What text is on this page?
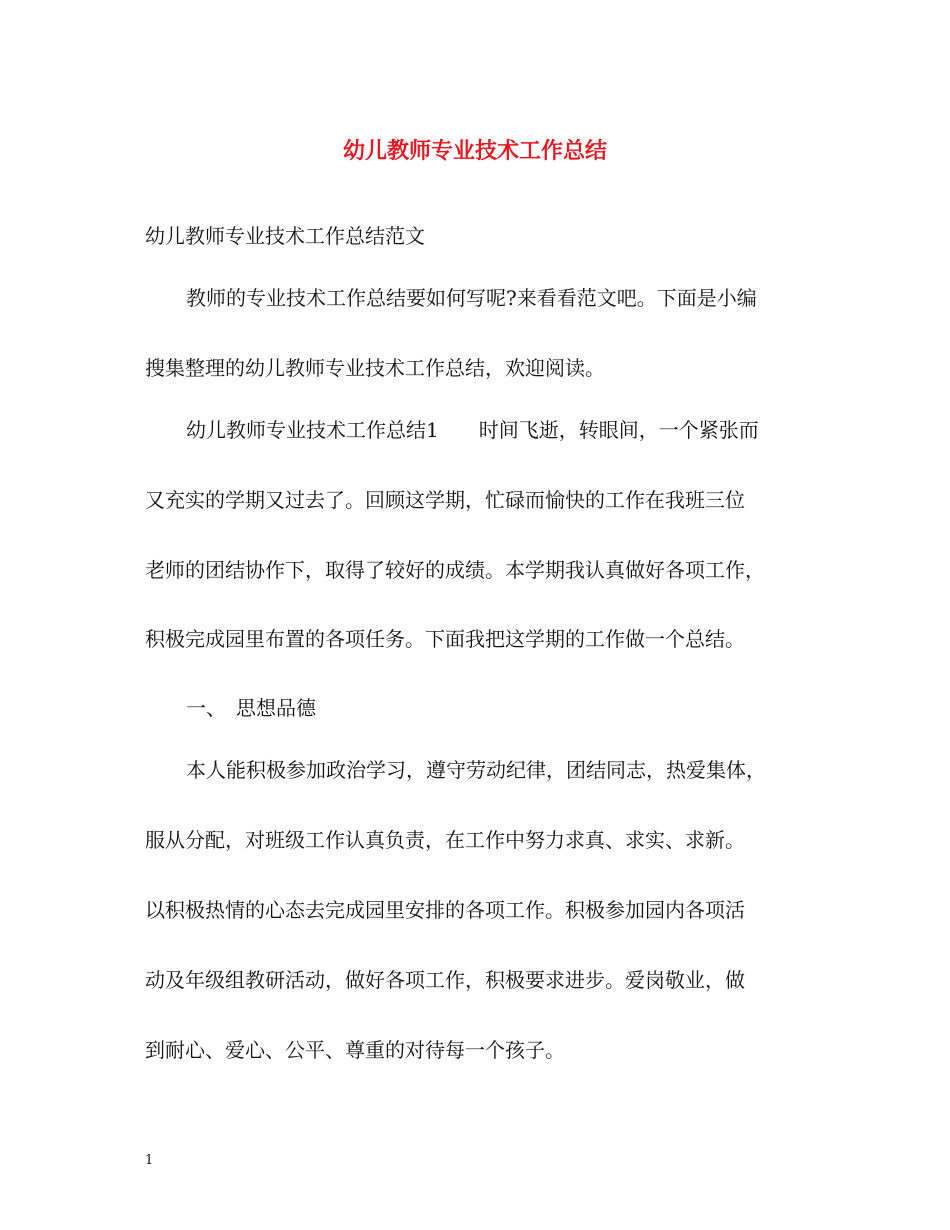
幼儿教师专业技术工作总结
幼儿教师专业技术工作总结范文
教师的专业技术工作总结要如何写呢?来看看范文吧。下面是小编
搜集整理的幼儿教师专业技术工作总结，欢迎阅读。
幼儿教师专业技术工作总结1　　时间飞逝，转眼间，一个紧张而
又充实的学期又过去了。回顾这学期，忙碌而愉快的工作在我班三位
老师的团结协作下，取得了较好的成绩。本学期我认真做好各项工作，
积极完成园里布置的各项任务。下面我把这学期的工作做一个总结。
一、　思想品德
本人能积极参加政治学习，遵守劳动纪律，团结同志，热爱集体，
服从分配，对班级工作认真负责，在工作中努力求真、求实、求新。
以积极热情的心态去完成园里安排的各项工作。积极参加园内各项活
动及年级组教研活动，做好各项工作，积极要求进步。爱岗敬业，做
到耐心、爱心、公平、尊重的对待每一个孩子。
1
